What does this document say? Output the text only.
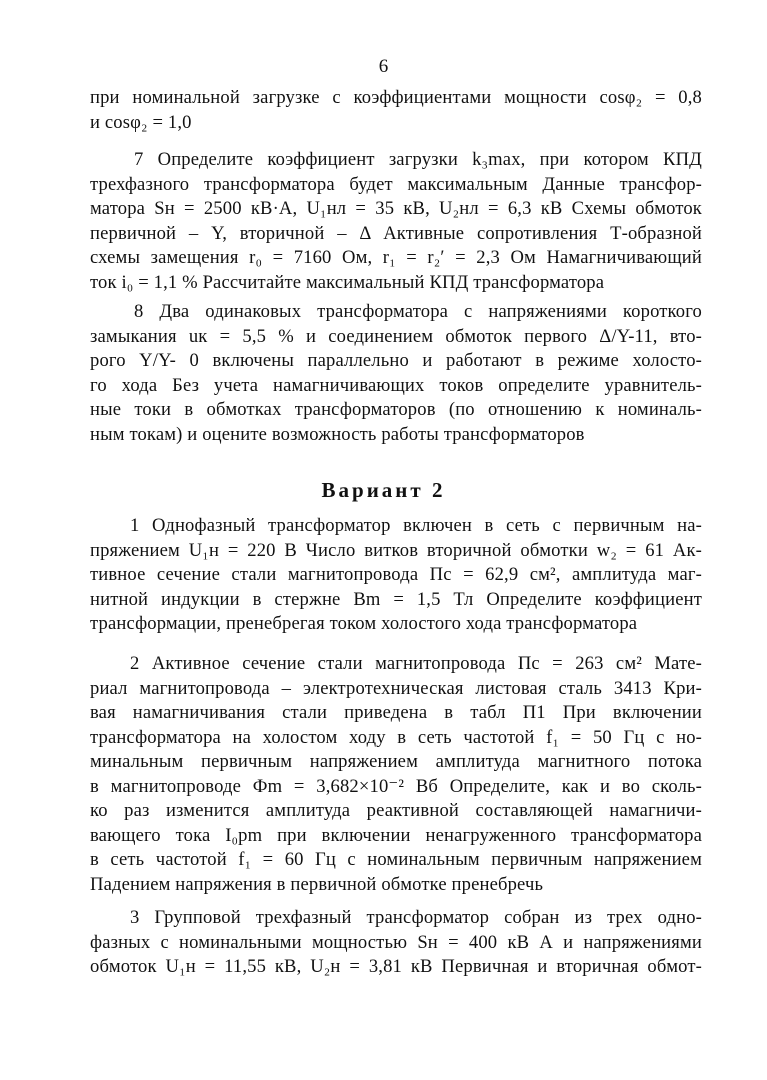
6
при номинальной загрузке с коэффициентами мощности cosφ₂ = 0,8
и cosφ₂ = 1,0
7 Определите коэффициент загрузки k₃max, при котором КПД
трехфазного трансформатора будет максимальным Данные трансфор-
матора Sн = 2500 кВ·А, U₁нл = 35 кВ, U₂нл = 6,3 кВ Схемы обмоток
первичной – Y, вторичной – Δ Активные сопротивления Т-образной
схемы замещения r₀ = 7160 Ом, r₁ = r₂′ = 2,3 Ом Намагничивающий
ток i₀ = 1,1 % Рассчитайте максимальный КПД трансформатора
8 Два одинаковых трансформатора с напряжениями короткого
замыкания uк = 5,5 % и соединением обмоток первого Δ/Y-11, вто-
рого Y/Y- 0 включены параллельно и работают в режиме холосто-
го хода Без учета намагничивающих токов определите уравнитель-
ные токи в обмотках трансформаторов (по отношению к номиналь-
ным токам) и оцените возможность работы трансформаторов
Вариант 2
1 Однофазный трансформатор включен в сеть с первичным на-
пряжением U₁н = 220 В Число витков вторичной обмотки w₂ = 61 Ак-
тивное сечение стали магнитопровода Пс = 62,9 см², амплитуда маг-
нитной индукции в стержне Bm = 1,5 Тл Определите коэффициент
трансформации, пренебрегая током холостого хода трансформатора
2 Активное сечение стали магнитопровода Пс = 263 см² Мате-
риал магнитопровода – электротехническая листовая сталь 3413 Кри-
вая намагничивания стали приведена в табл П1 При включении
трансформатора на холостом ходу в сеть частотой f₁ = 50 Гц с но-
минальным первичным напряжением амплитуда магнитного потока
в магнитопроводе Фm = 3,682×10⁻² Вб Определите, как и во сколь-
ко раз изменится амплитуда реактивной составляющей намагничи-
вающего тока I₀pm при включении ненагруженного трансформатора
в сеть частотой f₁ = 60 Гц с номинальным первичным напряжением
Падением напряжения в первичной обмотке пренебречь
3 Групповой трехфазный трансформатор собран из трех одно-
фазных с номинальными мощностью Sн = 400 кВ А и напряжениями
обмоток U₁н = 11,55 кВ, U₂н = 3,81 кВ Первичная и вторичная обмот-
